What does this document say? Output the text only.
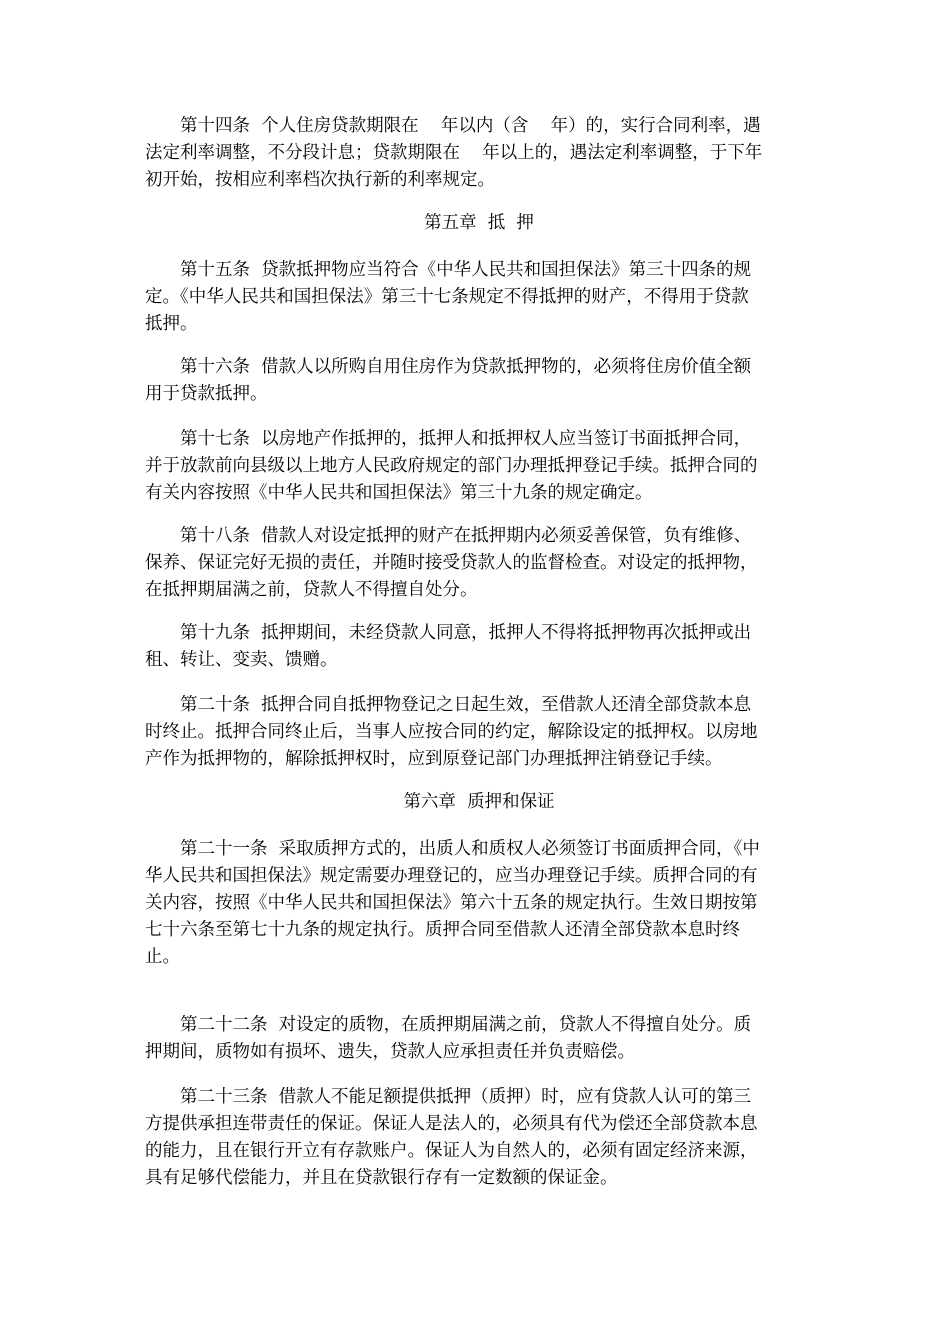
　　第十四条  个人住房贷款期限在    年以内（含    年）的，实行合同利率，遇
法定利率调整，不分段计息；贷款期限在    年以上的，遇法定利率调整，于下年
初开始，按相应利率档次执行新的利率规定。
第五章  抵  押
　　第十五条  贷款抵押物应当符合《中华人民共和国担保法》第三十四条的规
定。《中华人民共和国担保法》第三十七条规定不得抵押的财产，不得用于贷款
抵押。
　　第十六条  借款人以所购自用住房作为贷款抵押物的，必须将住房价值全额
用于贷款抵押。
　　第十七条  以房地产作抵押的，抵押人和抵押权人应当签订书面抵押合同，
并于放款前向县级以上地方人民政府规定的部门办理抵押登记手续。抵押合同的
有关内容按照《中华人民共和国担保法》第三十九条的规定确定。
　　第十八条  借款人对设定抵押的财产在抵押期内必须妥善保管，负有维修、
保养、保证完好无损的责任，并随时接受贷款人的监督检查。对设定的抵押物，
在抵押期届满之前，贷款人不得擅自处分。
　　第十九条  抵押期间，未经贷款人同意，抵押人不得将抵押物再次抵押或出
租、转让、变卖、馈赠。
　　第二十条  抵押合同自抵押物登记之日起生效，至借款人还清全部贷款本息
时终止。抵押合同终止后，当事人应按合同的约定，解除设定的抵押权。以房地
产作为抵押物的，解除抵押权时，应到原登记部门办理抵押注销登记手续。
第六章  质押和保证
　　第二十一条  采取质押方式的，出质人和质权人必须签订书面质押合同，《中
华人民共和国担保法》规定需要办理登记的，应当办理登记手续。质押合同的有
关内容，按照《中华人民共和国担保法》第六十五条的规定执行。生效日期按第
七十六条至第七十九条的规定执行。质押合同至借款人还清全部贷款本息时终
止。
　　第二十二条  对设定的质物，在质押期届满之前，贷款人不得擅自处分。质
押期间，质物如有损坏、遗失，贷款人应承担责任并负责赔偿。
　　第二十三条  借款人不能足额提供抵押（质押）时，应有贷款人认可的第三
方提供承担连带责任的保证。保证人是法人的，必须具有代为偿还全部贷款本息
的能力，且在银行开立有存款账户。保证人为自然人的，必须有固定经济来源，
具有足够代偿能力，并且在贷款银行存有一定数额的保证金。
